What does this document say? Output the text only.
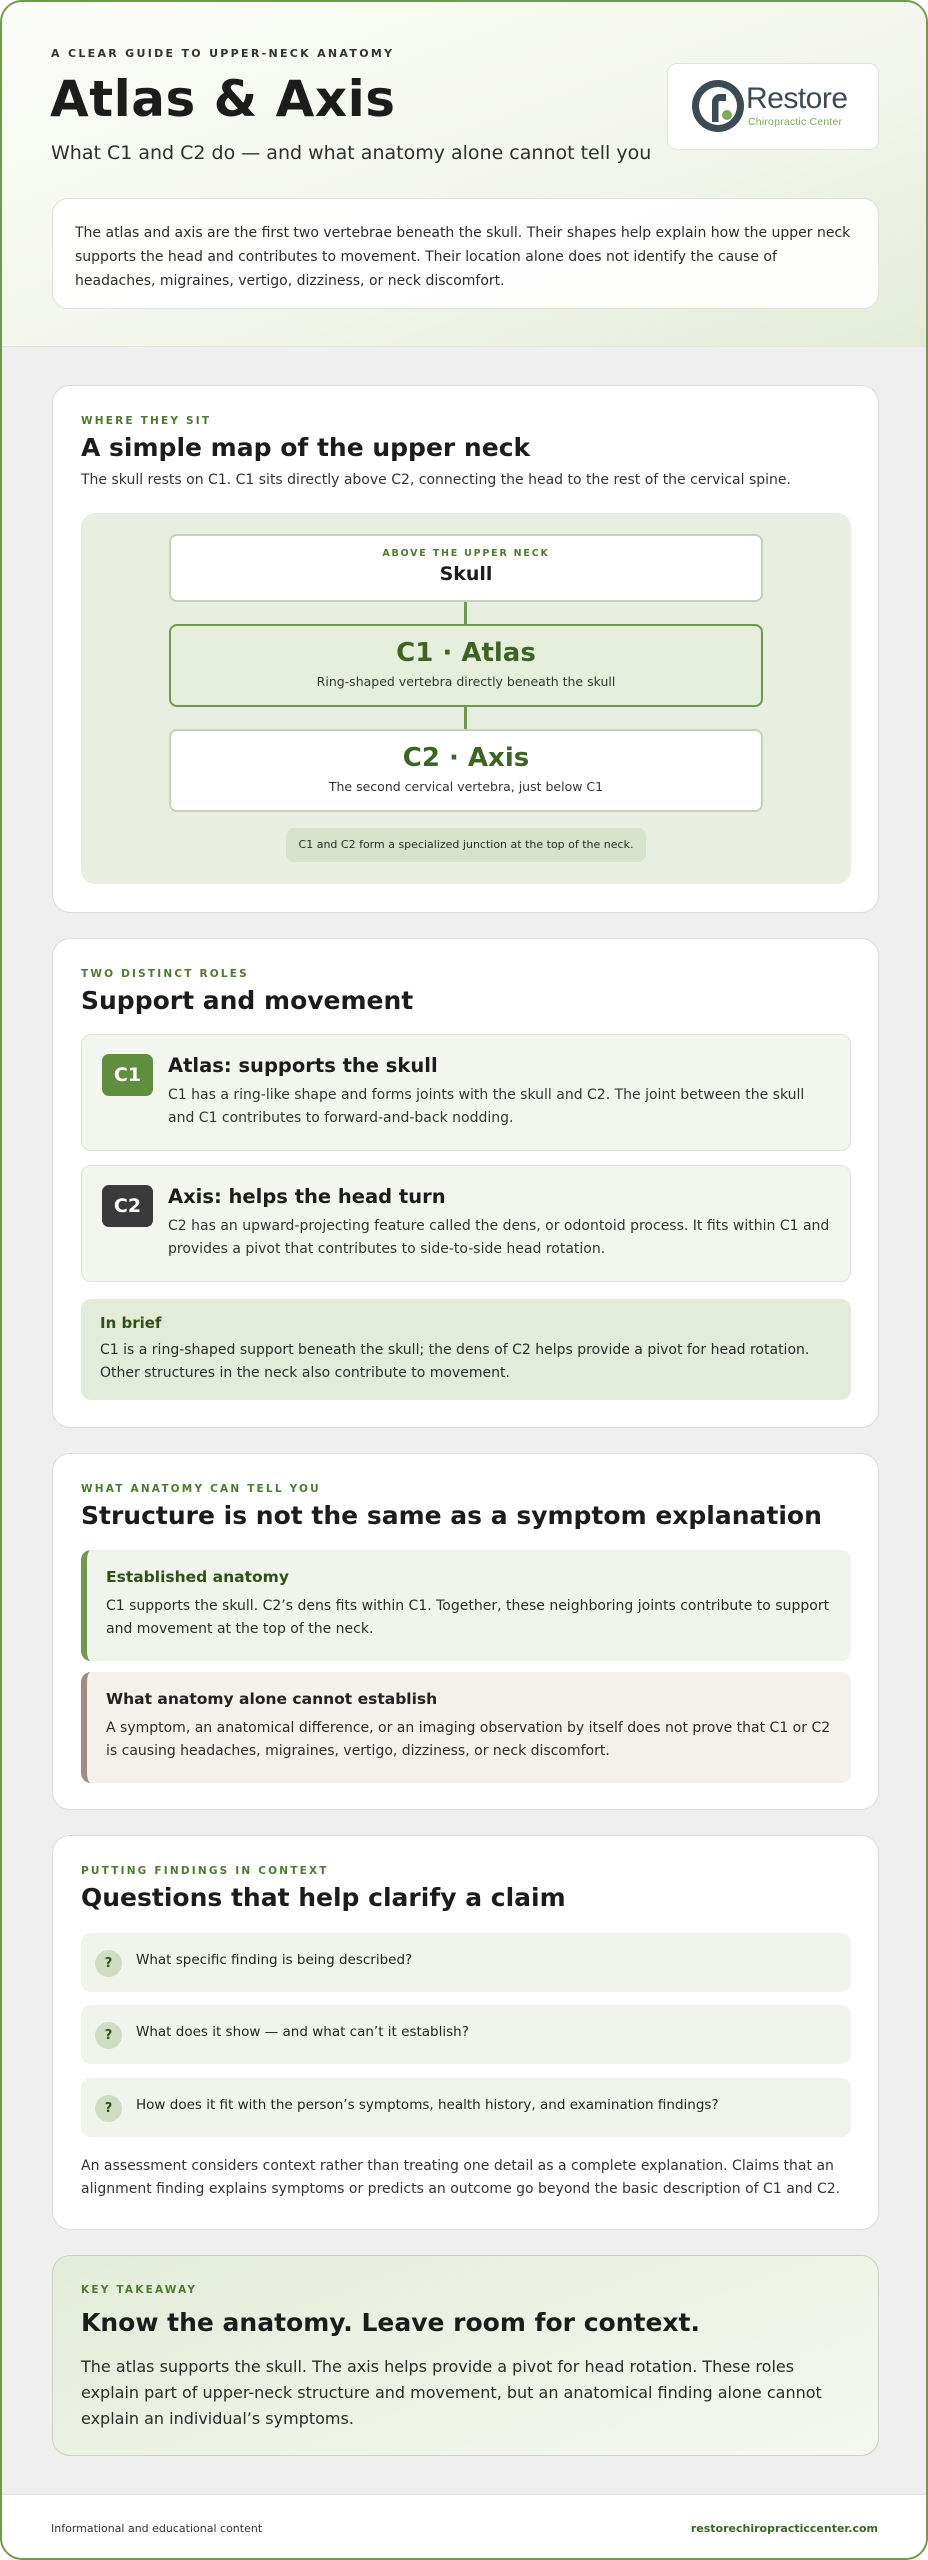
A CLEAR GUIDE TO UPPER-NECK ANATOMY
Atlas & Axis
What C1 and C2 do — and what anatomy alone cannot tell you
Restore
Chiropractic Center
The atlas and axis are the first two vertebrae beneath the skull. Their shapes help explain how the upper neck supports the head and contributes to movement. Their location alone does not identify the cause of headaches, migraines, vertigo, dizziness, or neck discomfort.
WHERE THEY SIT
A simple map of the upper neck
The skull rests on C1. C1 sits directly above C2, connecting the head to the rest of the cervical spine.
ABOVE THE UPPER NECK
Skull
C1 · Atlas
Ring-shaped vertebra directly beneath the skull
C2 · Axis
The second cervical vertebra, just below C1
C1 and C2 form a specialized junction at the top of the neck.
TWO DISTINCT ROLES
Support and movement
C1	Atlas: supports the skull
C1 has a ring-like shape and forms joints with the skull and C2. The joint between the skull and C1 contributes to forward-and-back nodding.
C2	Axis: helps the head turn
C2 has an upward-projecting feature called the dens, or odontoid process. It fits within C1 and provides a pivot that contributes to side-to-side head rotation.
In brief
C1 is a ring-shaped support beneath the skull; the dens of C2 helps provide a pivot for head rotation. Other structures in the neck also contribute to movement.
WHAT ANATOMY CAN TELL YOU
Structure is not the same as a symptom explanation
Established anatomy
C1 supports the skull. C2’s dens fits within C1. Together, these neighboring joints contribute to support and movement at the top of the neck.
What anatomy alone cannot establish
A symptom, an anatomical difference, or an imaging observation by itself does not prove that C1 or C2 is causing headaches, migraines, vertigo, dizziness, or neck discomfort.
PUTTING FINDINGS IN CONTEXT
Questions that help clarify a claim
?	What specific finding is being described?
?	What does it show — and what can’t it establish?
?	How does it fit with the person’s symptoms, health history, and examination findings?
An assessment considers context rather than treating one detail as a complete explanation. Claims that an alignment finding explains symptoms or predicts an outcome go beyond the basic description of C1 and C2.
KEY TAKEAWAY
Know the anatomy. Leave room for context.
The atlas supports the skull. The axis helps provide a pivot for head rotation. These roles explain part of upper-neck structure and movement, but an anatomical finding alone cannot explain an individual’s symptoms.
Informational and educational content	restorechiropracticcenter.com
